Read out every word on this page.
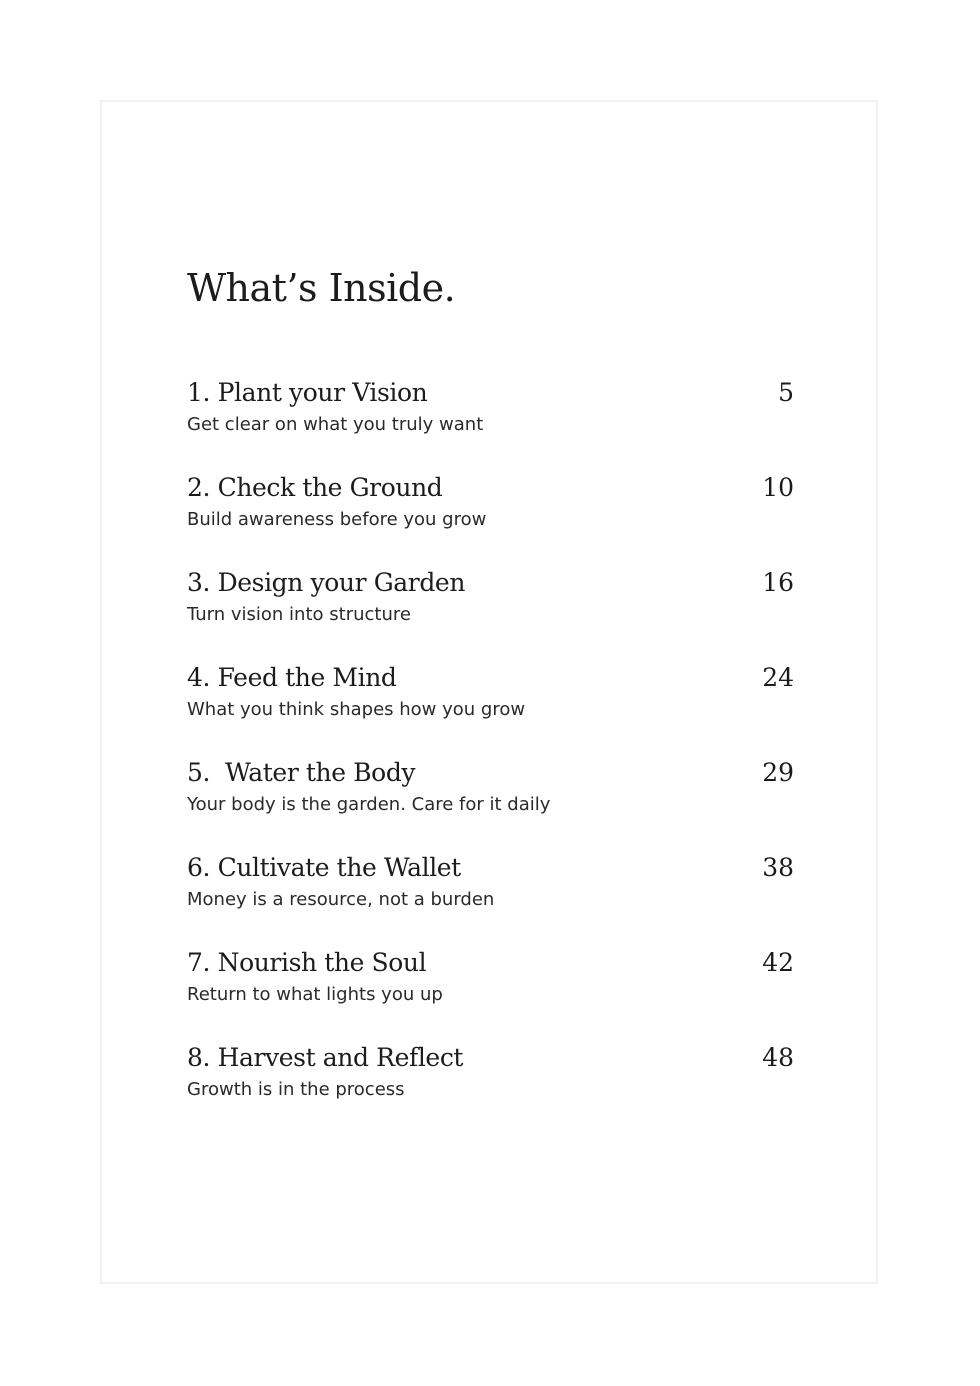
What’s Inside.
1. Plant your Vision	5
Get clear on what you truly want
2. Check the Ground	10
Build awareness before you grow
3. Design your Garden	16
Turn vision into structure
4. Feed the Mind	24
What you think shapes how you grow
5.  Water the Body	29
Your body is the garden. Care for it daily
6. Cultivate the Wallet	38
Money is a resource, not a burden
7. Nourish the Soul	42
Return to what lights you up
8. Harvest and Reflect	48
Growth is in the process
